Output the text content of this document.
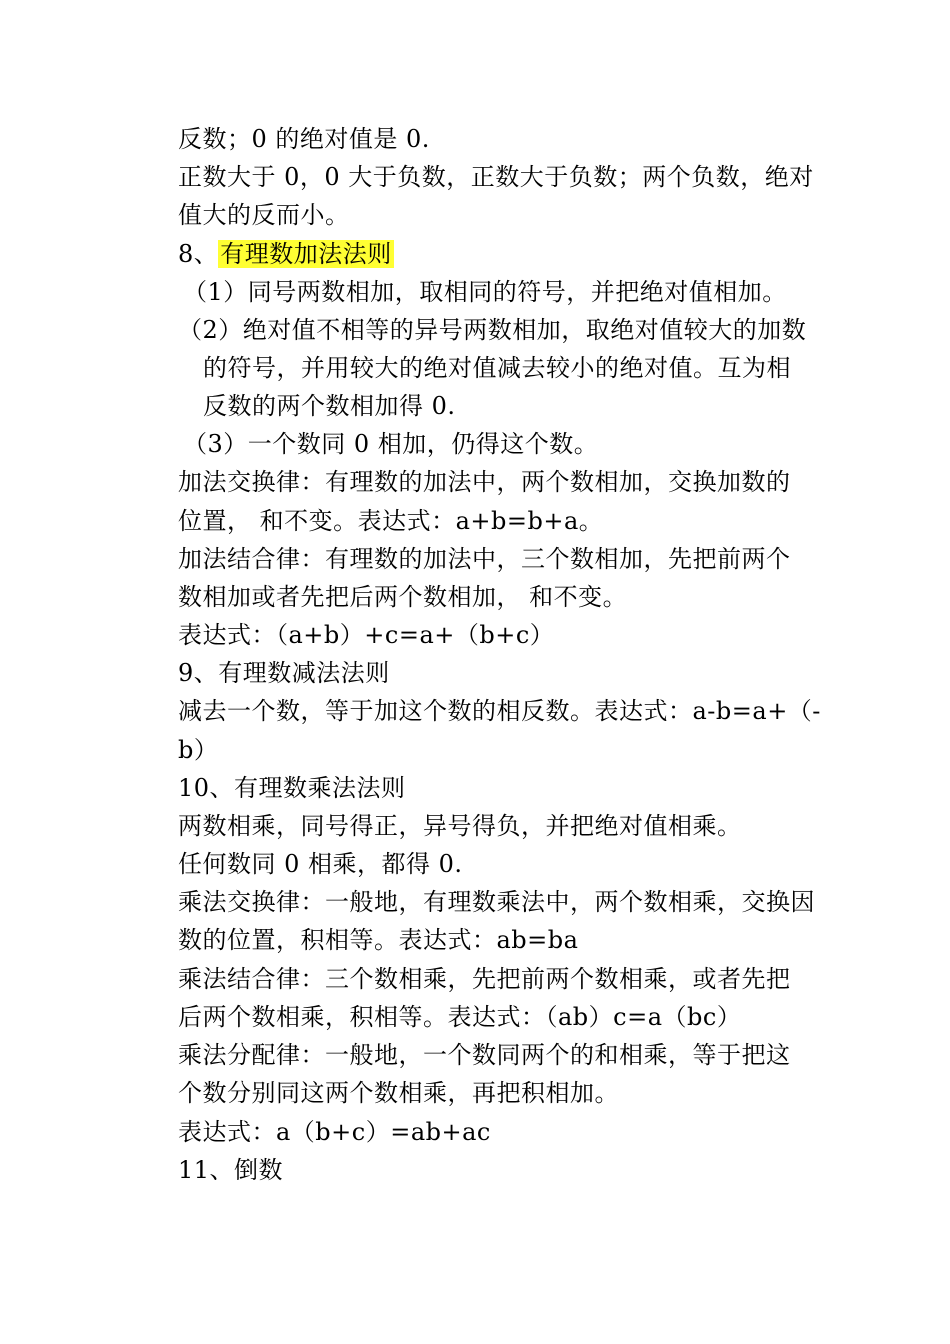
反数；0 的绝对值是 0.
正数大于 0，0 大于负数，正数大于负数；两个负数，绝对
值大的反而小。
8、有理数加法法则
（1）同号两数相加，取相同的符号，并把绝对值相加。
（2）绝对值不相等的异号两数相加，取绝对值较大的加数
的符号，并用较大的绝对值减去较小的绝对值。互为相
反数的两个数相加得 0.
（3）一个数同 0 相加，仍得这个数。
加法交换律：有理数的加法中，两个数相加，交换加数的
位置， 和不变。表达式：a+b=b+a。
加法结合律：有理数的加法中，三个数相加，先把前两个
数相加或者先把后两个数相加， 和不变。
表达式：（a+b）+c=a+（b+c）
9、有理数减法法则
减去一个数，等于加这个数的相反数。表达式：a-b=a+（-
b）
10、有理数乘法法则
两数相乘，同号得正，异号得负，并把绝对值相乘。
任何数同 0 相乘，都得 0.
乘法交换律：一般地，有理数乘法中，两个数相乘，交换因
数的位置，积相等。表达式：ab=ba
乘法结合律：三个数相乘，先把前两个数相乘，或者先把
后两个数相乘，积相等。表达式：（ab）c=a（bc）
乘法分配律：一般地，一个数同两个的和相乘，等于把这
个数分别同这两个数相乘，再把积相加。
表达式：a（b+c）=ab+ac
11、倒数
